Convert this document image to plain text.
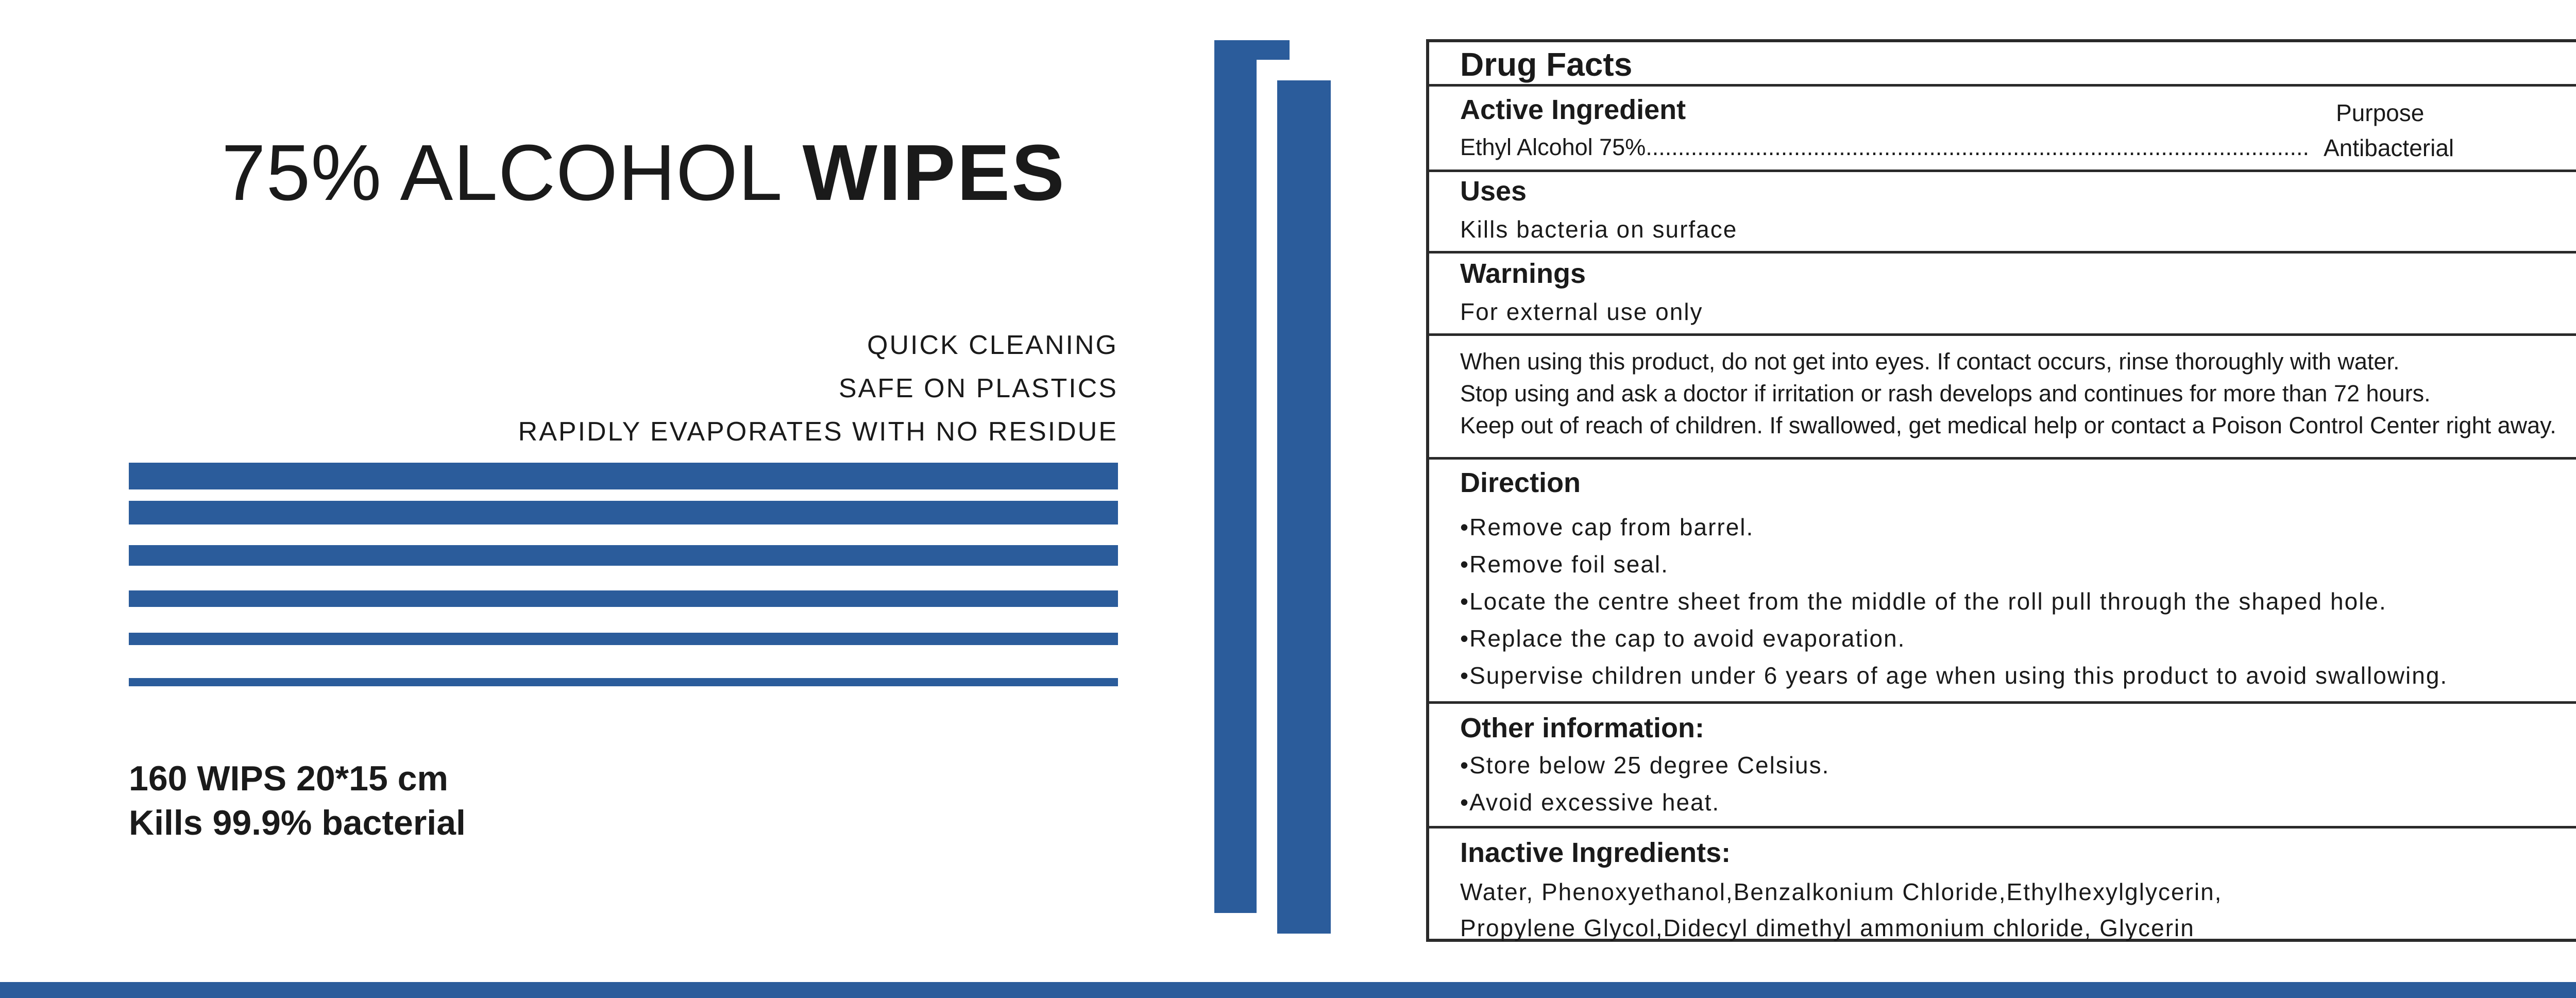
75% ALCOHOL WIPES
QUICK CLEANING
SAFE ON PLASTICS
RAPIDLY EVAPORATES WITH NO RESIDUE
160 WIPS 20*15 cm
Kills 99.9% bacterial
Drug Facts
Active Ingredient	Purpose
Ethyl Alcohol 75%....................................................................................................... Antibacterial
Uses
Kills bacteria on surface
Warnings
For external use only
When using this product, do not get into eyes. If contact occurs, rinse thoroughly with water.
Stop using and ask a doctor if irritation or rash develops and continues for more than 72 hours.
Keep out of reach of children. If swallowed, get medical help or contact a Poison Control Center right away.
Direction
•Remove cap from barrel.
•Remove foil seal.
•Locate the centre sheet from the middle of the roll pull through the shaped hole.
•Replace the cap to avoid evaporation.
•Supervise children under 6 years of age when using this product to avoid swallowing.
Other information:
•Store below 25 degree Celsius.
•Avoid excessive heat.
Inactive Ingredients:
Water, Phenoxyethanol,Benzalkonium Chloride,Ethylhexylglycerin,
Propylene Glycol,Didecyl dimethyl ammonium chloride, Glycerin
